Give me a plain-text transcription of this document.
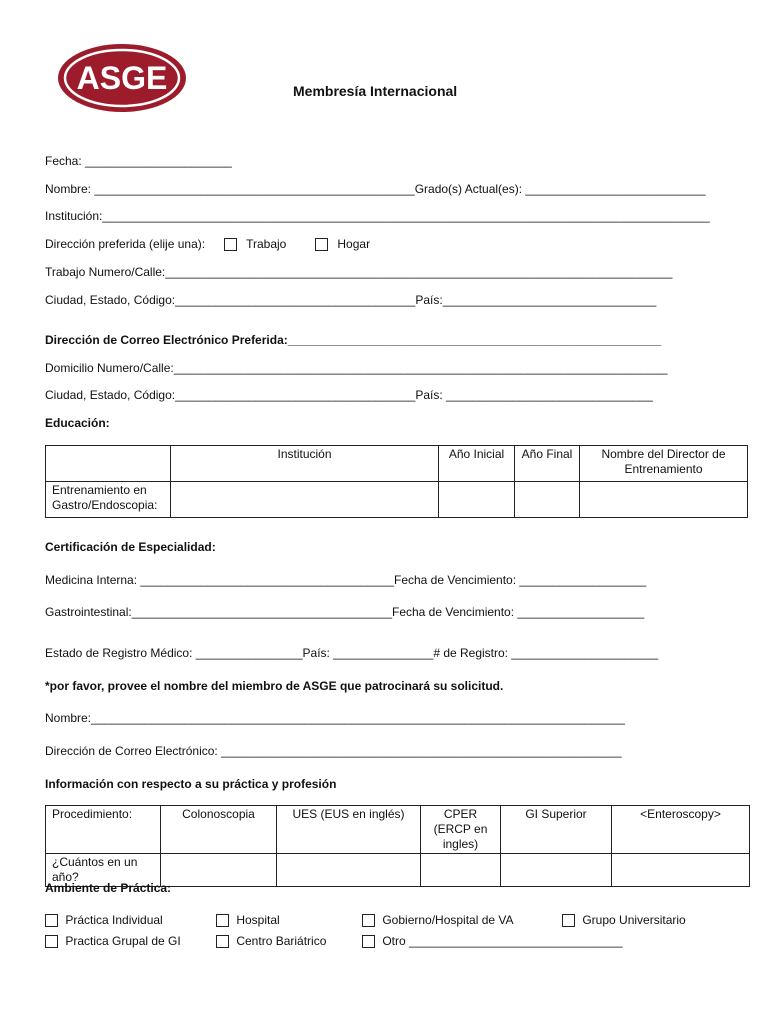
ASGE	Membresía Internacional
Fecha: ______________________
Nombre: ________________________________________________Grado(s) Actual(es): ___________________________
Institución:___________________________________________________________________________________________
Dirección preferida (elije una):	Trabajo	Hogar
Trabajo Numero/Calle:____________________________________________________________________________
Ciudad, Estado, Código:____________________________________País:________________________________
Dirección de Correo Electrónico Preferida:________________________________________________________
Domicilio Numero/Calle:__________________________________________________________________________
Ciudad, Estado, Código:____________________________________País: _______________________________
Educación:
	Institución	Año Inicial	Año Final	Nombre del Director de Entrenamiento
Entrenamiento en Gastro/Endoscopia:				
Certificación de Especialidad:
Medicina Interna: ______________________________________Fecha de Vencimiento: ___________________
Gastrointestinal:_______________________________________Fecha de Vencimiento: ___________________
Estado de Registro Médico: ________________País: _______________# de Registro: ______________________
*por favor, provee el nombre del miembro de ASGE que patrocinará su solicitud.
Nombre:________________________________________________________________________________
Dirección de Correo Electrónico: ____________________________________________________________
Información con respecto a su práctica y profesión
Procedimiento:	Colonoscopia	UES (EUS en inglés)	CPER (ERCP en ingles)	GI Superior	<Enteroscopy>
¿Cuántos en un año?					
Ambiente de Práctica:
Práctica Individual	Hospital	Gobierno/Hospital de VA	Grupo Universitario
Practica Grupal de GI	Centro Bariátrico	Otro ________________________________
